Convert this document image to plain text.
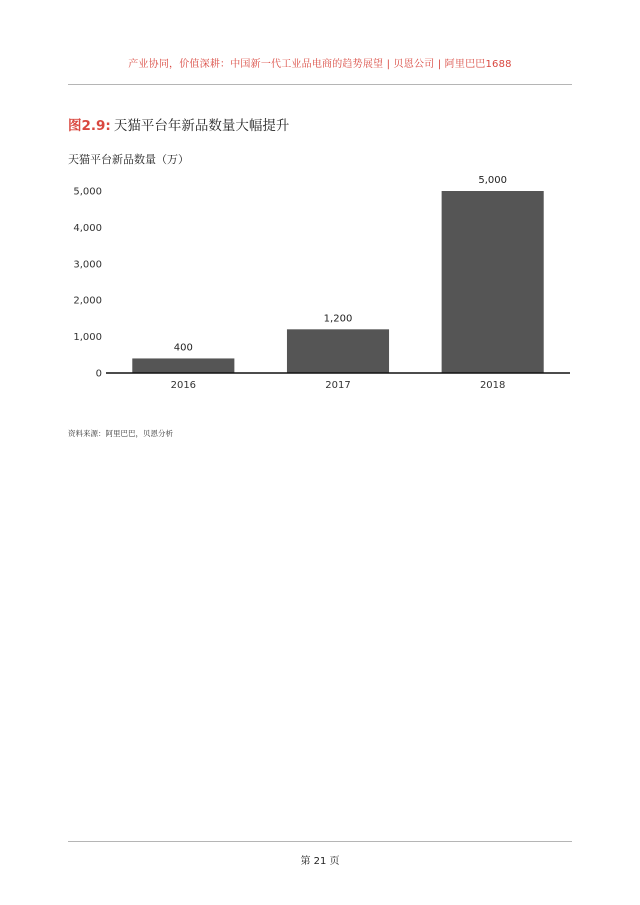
产业协同，价值深耕：中国新一代工业品电商的趋势展望 | 贝恩公司 | 阿里巴巴1688
图2.9: 天猫平台年新品数量大幅提升
天猫平台新品数量（万）
0
1,000
2,000
3,000
4,000
5,000
400
1,200
5,000
2016	2017	2018
资料来源：阿里巴巴，贝恩分析
第 21 页
